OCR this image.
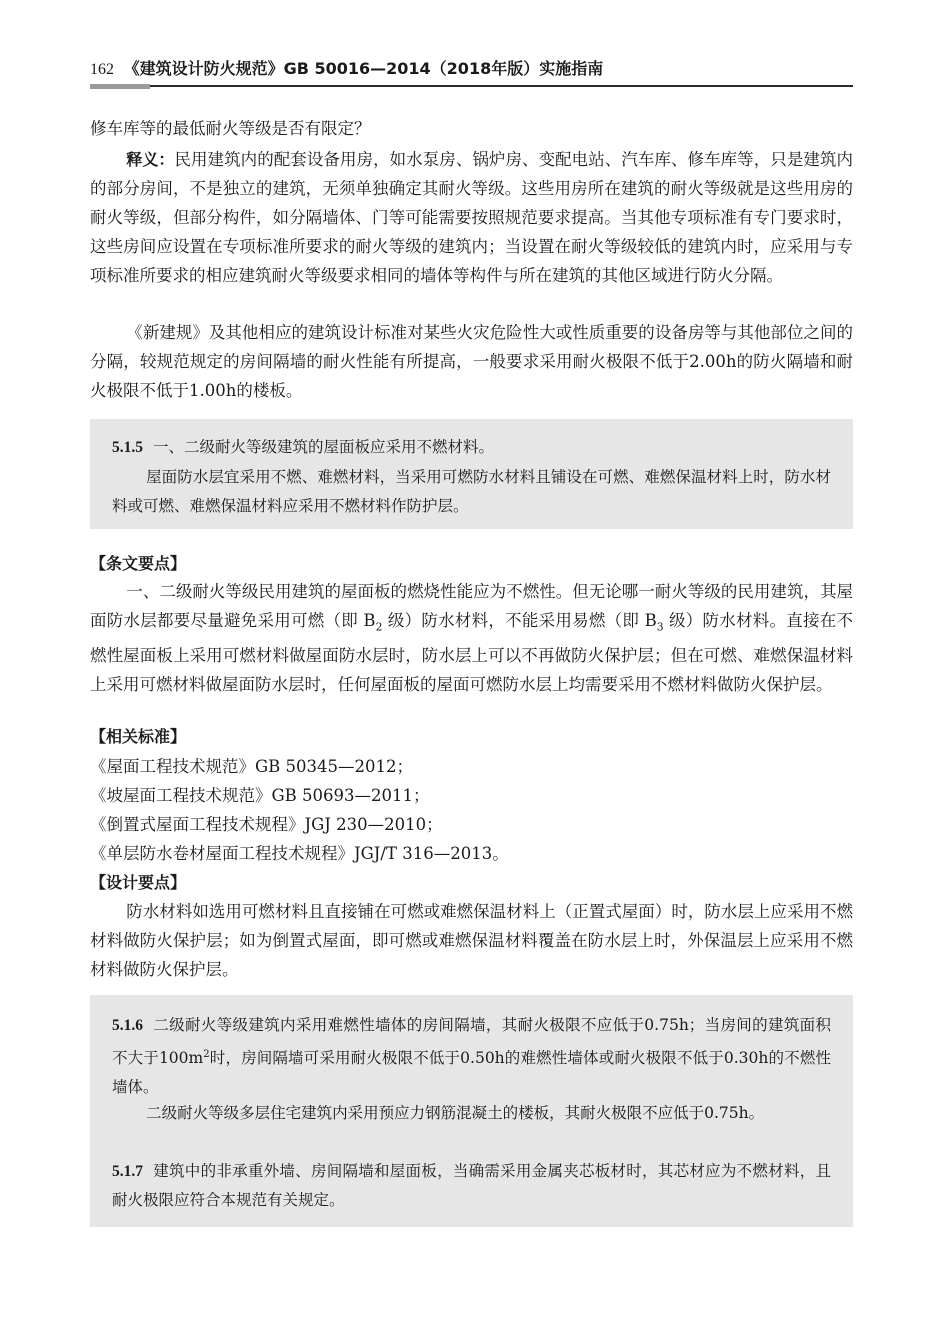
162 《建筑设计防火规范》GB 50016—2014（2018年版）实施指南

修车库等的最低耐火等级是否有限定？

释义：民用建筑内的配套设备用房，如水泵房、锅炉房、变配电站、汽车库、修车库等，只是建筑内的部分房间，不是独立的建筑，无须单独确定其耐火等级。这些用房所在建筑的耐火等级就是这些用房的耐火等级，但部分构件，如分隔墙体、门等可能需要按照规范要求提高。当其他专项标准有专门要求时，这些房间应设置在专项标准所要求的耐火等级的建筑内；当设置在耐火等级较低的建筑内时，应采用与专项标准所要求的相应建筑耐火等级要求相同的墙体等构件与所在建筑的其他区域进行防火分隔。

《新建规》及其他相应的建筑设计标准对某些火灾危险性大或性质重要的设备房等与其他部位之间的分隔，较规范规定的房间隔墙的耐火性能有所提高，一般要求采用耐火极限不低于2.00h的防火隔墙和耐火极限不低于1.00h的楼板。

5.1.5 一、二级耐火等级建筑的屋面板应采用不燃材料。

屋面防水层宜采用不燃、难燃材料，当采用可燃防水材料且铺设在可燃、难燃保温材料上时，防水材料或可燃、难燃保温材料应采用不燃材料作防护层。

【条文要点】

一、二级耐火等级民用建筑的屋面板的燃烧性能应为不燃性。但无论哪一耐火等级的民用建筑，其屋面防水层都要尽量避免采用可燃（即 $B_2$ 级）防水材料，不能采用易燃（即 $B_3$ 级）防水材料。直接在不燃性屋面板上采用可燃材料做屋面防水层时，防水层上可以不再做防火保护层；但在可燃、难燃保温材料上采用可燃材料做屋面防水层时，任何屋面板的屋面可燃防水层上均需要采用不燃材料做防火保护层。

【相关标准】

《屋面工程技术规范》GB 50345—2012；

《坡屋面工程技术规范》GB 50693—2011；

《倒置式屋面工程技术规程》JGJ 230—2010；

《单层防水卷材屋面工程技术规程》JGJ/T 316—2013。

【设计要点】

防水材料如选用可燃材料且直接铺在可燃或难燃保温材料上（正置式屋面）时，防水层上应采用不燃材料做防火保护层；如为倒置式屋面，即可燃或难燃保温材料覆盖在防水层上时，外保温层上应采用不燃材料做防火保护层。

5.1.6 二级耐火等级建筑内采用难燃性墙体的房间隔墙，其耐火极限不应低于0.75h；当房间的建筑面积不大于$100m^2$时，房间隔墙可采用耐火极限不低于0.50h的难燃性墙体或耐火极限不低于0.30h的不燃性墙体。

二级耐火等级多层住宅建筑内采用预应力钢筋混凝土的楼板，其耐火极限不应低于0.75h。

5.1.7 建筑中的非承重外墙、房间隔墙和屋面板，当确需采用金属夹芯板材时，其芯材应为不燃材料，且耐火极限应符合本规范有关规定。
